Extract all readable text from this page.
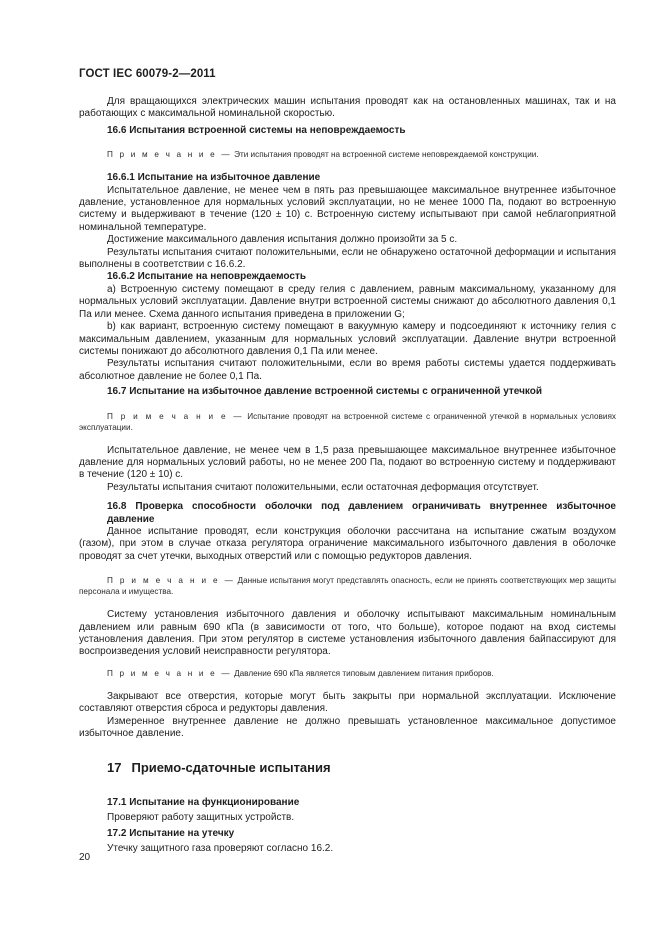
ГОСТ IEC 60079-2—2011

Для вращающихся электрических машин испытания проводят как на остановленных машинах, так и на работающих с максимальной номинальной скоростью.

16.6 Испытания встроенной системы на неповреждаемость

П р и м е ч а н и е — Эти испытания проводят на встроенной системе неповреждаемой конструкции.

16.6.1 Испытание на избыточное давление

Испытательное давление, не менее чем в пять раз превышающее максимальное внутреннее избыточное давление, установленное для нормальных условий эксплуатации, но не менее 1000 Па, подают во встроенную систему и выдерживают в течение (120 ± 10) с. Встроенную систему испытывают при самой неблагоприятной номинальной температуре.

Достижение максимального давления испытания должно произойти за 5 с.

Результаты испытания считают положительными, если не обнаружено остаточной деформации и испытания выполнены в соответствии с 16.6.2.

16.6.2 Испытание на неповреждаемость

a) Встроенную систему помещают в среду гелия с давлением, равным максимальному, указанному для нормальных условий эксплуатации. Давление внутри встроенной системы снижают до абсолютного давления 0,1 Па или менее. Схема данного испытания приведена в приложении G;

b) как вариант, встроенную систему помещают в вакуумную камеру и подсоединяют к источнику гелия с максимальным давлением, указанным для нормальных условий эксплуатации. Давление внутри встроенной системы понижают до абсолютного давления 0,1 Па или менее.

Результаты испытания считают положительными, если во время работы системы удается поддерживать абсолютное давление не более 0,1 Па.

16.7 Испытание на избыточное давление встроенной системы с ограниченной утечкой

П р и м е ч а н и е — Испытание проводят на встроенной системе с ограниченной утечкой в нормальных условиях эксплуатации.

Испытательное давление, не менее чем в 1,5 раза превышающее максимальное внутреннее избыточное давление для нормальных условий работы, но не менее 200 Па, подают во встроенную систему и поддерживают в течение (120 ± 10) с.

Результаты испытания считают положительными, если остаточная деформация отсутствует.

16.8 Проверка способности оболочки под давлением ограничивать внутреннее избыточное давление

Данное испытание проводят, если конструкция оболочки рассчитана на испытание сжатым воздухом (газом), при этом в случае отказа регулятора ограничение максимального избыточного давления в оболочке проводят за счет утечки, выходных отверстий или с помощью редукторов давления.

П р и м е ч а н и е — Данные испытания могут представлять опасность, если не принять соответствующих мер защиты персонала и имущества.

Систему установления избыточного давления и оболочку испытывают максимальным номинальным давлением или равным 690 кПа (в зависимости от того, что больше), которое подают на вход системы установления давления. При этом регулятор в системе установления избыточного давления байпассируют для воспроизведения условий неисправности регулятора.

П р и м е ч а н и е — Давление 690 кПа является типовым давлением питания приборов.

Закрывают все отверстия, которые могут быть закрыты при нормальной эксплуатации. Исключение составляют отверстия сброса и редукторы давления.

Измеренное внутреннее давление не должно превышать установленное максимальное допустимое избыточное давление.

17 Приемо-сдаточные испытания

17.1 Испытание на функционирование

Проверяют работу защитных устройств.

17.2 Испытание на утечку

Утечку защитного газа проверяют согласно 16.2.

20
